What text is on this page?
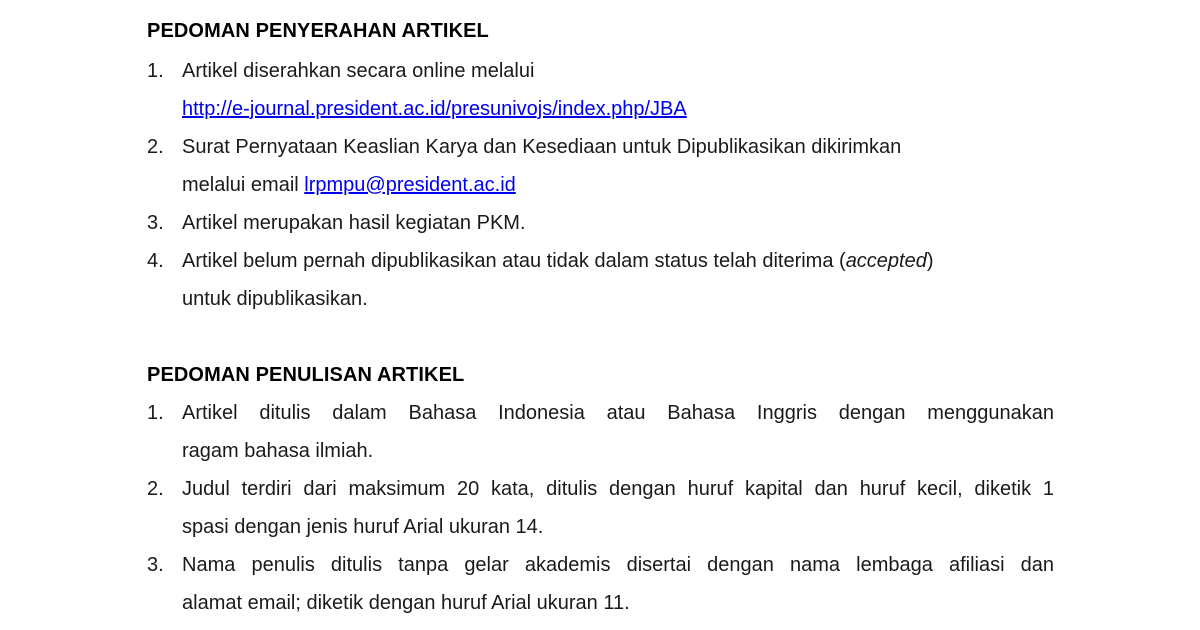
PEDOMAN PENYERAHAN ARTIKEL
1. Artikel diserahkan secara online melalui
http://e-journal.president.ac.id/presunivojs/index.php/JBA
2. Surat Pernyataan Keaslian Karya dan Kesediaan untuk Dipublikasikan dikirimkan
melalui email lrpmpu@president.ac.id
3. Artikel merupakan hasil kegiatan PKM.
4. Artikel belum pernah dipublikasikan atau tidak dalam status telah diterima (accepted)
untuk dipublikasikan.
PEDOMAN PENULISAN ARTIKEL
1. Artikel ditulis dalam Bahasa Indonesia atau Bahasa Inggris dengan menggunakan
ragam bahasa ilmiah.
2. Judul terdiri dari maksimum 20 kata, ditulis dengan huruf kapital dan huruf kecil, diketik 1
spasi dengan jenis huruf Arial ukuran 14.
3. Nama penulis ditulis tanpa gelar akademis disertai dengan nama lembaga afiliasi dan
alamat email; diketik dengan huruf Arial ukuran 11.
